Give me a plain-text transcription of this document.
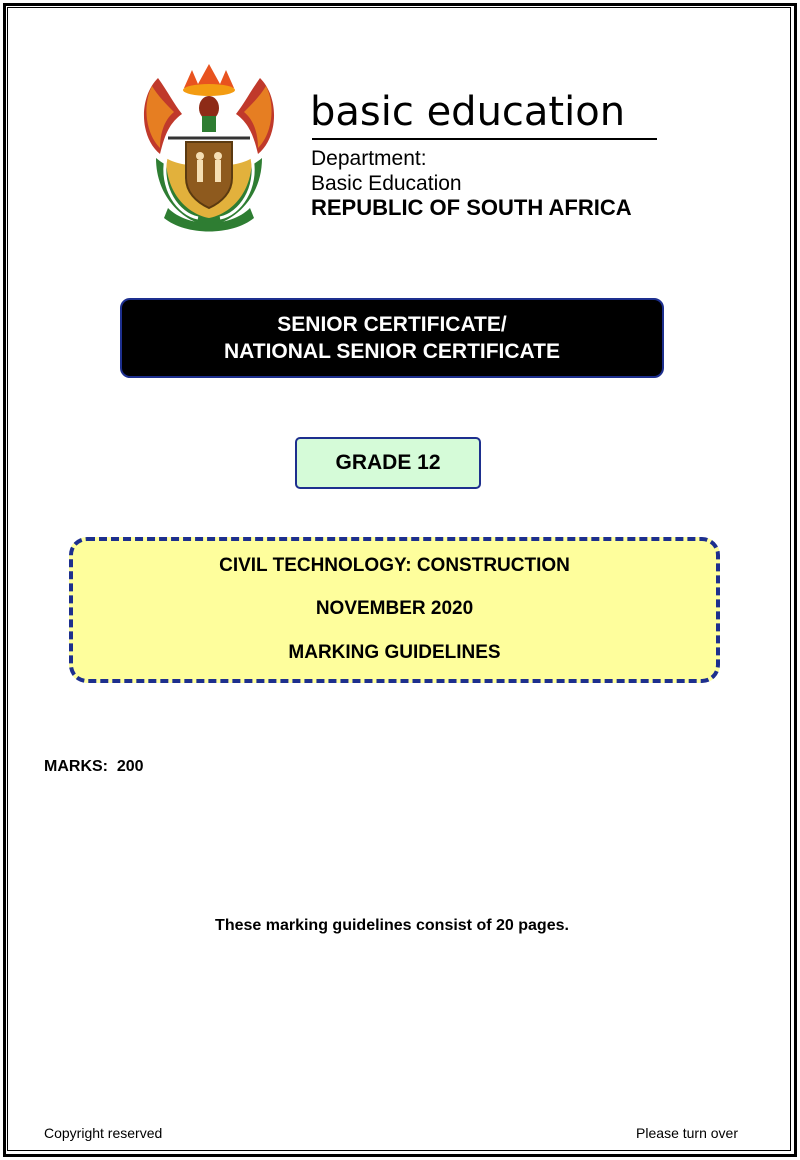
basic education
Department:
Basic Education
REPUBLIC OF SOUTH AFRICA
SENIOR CERTIFICATE/
NATIONAL SENIOR CERTIFICATE
GRADE 12
CIVIL TECHNOLOGY: CONSTRUCTION
NOVEMBER 2020
MARKING GUIDELINES
MARKS:  200
These marking guidelines consist of 20 pages.
Copyright reserved	Please turn over
